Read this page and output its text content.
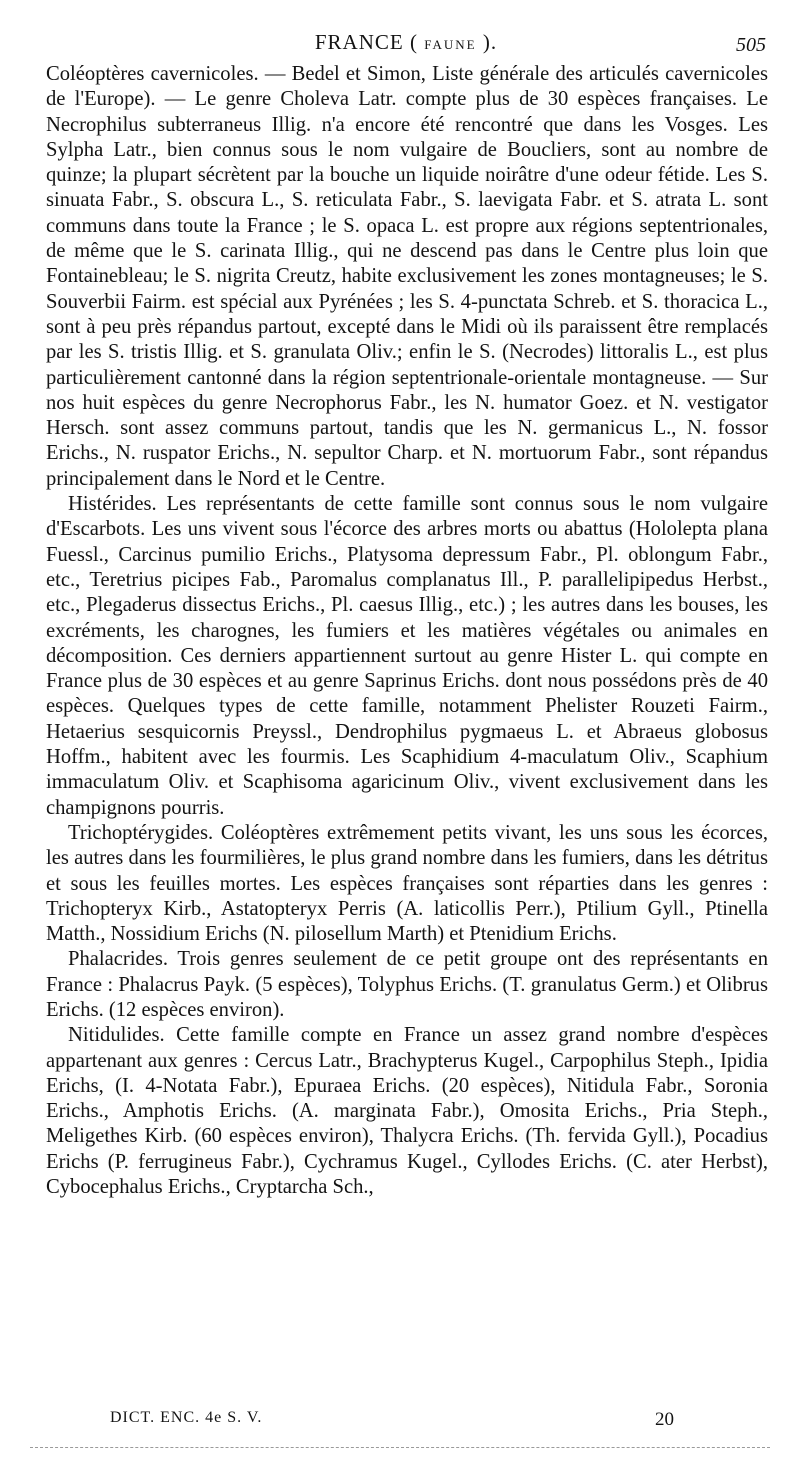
FRANCE ( FAUNE ).	505

Coléoptères cavernicoles. — Bedel et Simon, Liste générale des articulés cavernicoles de l'Europe). — Le genre Choleva Latr. compte plus de 30 espèces françaises. Le Necrophilus subterraneus Illig. n'a encore été rencontré que dans les Vosges. Les Sylpha Latr., bien connus sous le nom vulgaire de Boucliers, sont au nombre de quinze; la plupart sécrètent par la bouche un liquide noirâtre d'une odeur fétide. Les S. sinuata Fabr., S. obscura L., S. reticulata Fabr., S. laevigata Fabr. et S. atrata L. sont communs dans toute la France ; le S. opaca L. est propre aux régions septentrionales, de même que le S. carinata Illig., qui ne descend pas dans le Centre plus loin que Fontainebleau; le S. nigrita Creutz, habite exclusivement les zones montagneuses; le S. Souverbii Fairm. est spécial aux Pyrénées ; les S. 4-punctata Schreb. et S. thoracica L., sont à peu près répandus partout, excepté dans le Midi où ils paraissent être remplacés par les S. tristis Illig. et S. granulata Oliv.; enfin le S. (Necrodes) littoralis L., est plus particulièrement cantonné dans la région septentrionale-orientale montagneuse. — Sur nos huit espèces du genre Necrophorus Fabr., les N. humator Goez. et N. vestigator Hersch. sont assez communs partout, tandis que les N. germanicus L., N. fossor Erichs., N. ruspator Erichs., N. sepultor Charp. et N. mortuorum Fabr., sont répandus principalement dans le Nord et le Centre.

Histérides. Les représentants de cette famille sont connus sous le nom vulgaire d'Escarbots. Les uns vivent sous l'écorce des arbres morts ou abattus (Hololepta plana Fuessl., Carcinus pumilio Erichs., Platysoma depressum Fabr., Pl. oblongum Fabr., etc., Teretrius picipes Fab., Paromalus complanatus Ill., P. parallelipipedus Herbst., etc., Plegaderus dissectus Erichs., Pl. caesus Illig., etc.) ; les autres dans les bouses, les excréments, les charognes, les fumiers et les matières végétales ou animales en décomposition. Ces derniers appartiennent surtout au genre Hister L. qui compte en France plus de 30 espèces et au genre Saprinus Erichs. dont nous possédons près de 40 espèces. Quelques types de cette famille, notamment Phelister Rouzeti Fairm., Hetaerius sesquicornis Preyssl., Dendrophilus pygmaeus L. et Abraeus globosus Hoffm., habitent avec les fourmis. Les Scaphidium 4-maculatum Oliv., Scaphium immaculatum Oliv. et Scaphisoma agaricinum Oliv., vivent exclusivement dans les champignons pourris.

Trichoptérygides. Coléoptères extrêmement petits vivant, les uns sous les écorces, les autres dans les fourmilières, le plus grand nombre dans les fumiers, dans les détritus et sous les feuilles mortes. Les espèces françaises sont réparties dans les genres : Trichopteryx Kirb., Astatopteryx Perris (A. laticollis Perr.), Ptilium Gyll., Ptinella Matth., Nossidium Erichs (N. pilosellum Marth) et Ptenidium Erichs.

Phalacrides. Trois genres seulement de ce petit groupe ont des représentants en France : Phalacrus Payk. (5 espèces), Tolyphus Erichs. (T. granulatus Germ.) et Olibrus Erichs. (12 espèces environ).

Nitidulides. Cette famille compte en France un assez grand nombre d'espèces appartenant aux genres : Cercus Latr., Brachypterus Kugel., Carpophilus Steph., Ipidia Erichs, (I. 4-Notata Fabr.), Epuraea Erichs. (20 espèces), Nitidula Fabr., Soronia Erichs., Amphotis Erichs. (A. marginata Fabr.), Omosita Erichs., Pria Steph., Meligethes Kirb. (60 espèces environ), Thalycra Erichs. (Th. fervida Gyll.), Pocadius Erichs (P. ferrugineus Fabr.), Cychramus Kugel., Cyllodes Erichs. (C. ater Herbst), Cybocephalus Erichs., Cryptarcha Sch.,

DICT. ENC. 4e S. V.	20
